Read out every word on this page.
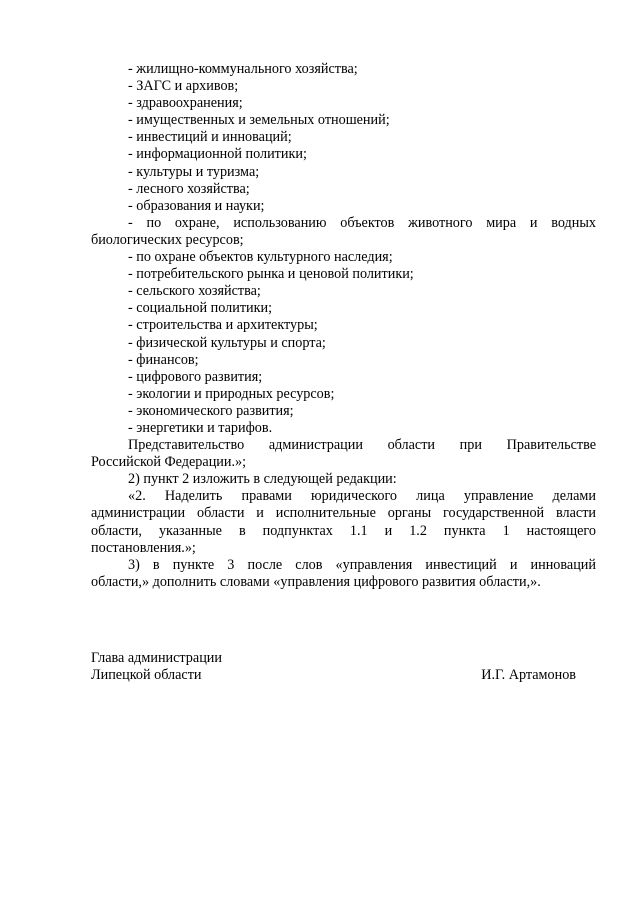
- жилищно-коммунального хозяйства;
- ЗАГС и архивов;
- здравоохранения;
- имущественных и земельных отношений;
- инвестиций и инноваций;
- информационной политики;
- культуры и туризма;
- лесного хозяйства;
- образования и науки;
- по охране, использованию объектов животного мира и водных
биологических ресурсов;
- по охране объектов культурного наследия;
- потребительского рынка и ценовой политики;
- сельского хозяйства;
- социальной политики;
- строительства и архитектуры;
- физической культуры и спорта;
- финансов;
- цифрового развития;
- экологии и природных ресурсов;
- экономического развития;
- энергетики и тарифов.
Представительство администрации области при Правительстве
Российской Федерации.»;
2) пункт 2 изложить в следующей редакции:
«2. Наделить правами юридического лица управление делами
администрации области и исполнительные органы государственной власти
области, указанные в подпунктах 1.1 и 1.2 пункта 1 настоящего
постановления.»;
3) в пункте 3 после слов «управления инвестиций и инноваций
области,» дополнить словами «управления цифрового развития области,».
Глава администрации
Липецкой области	И.Г. Артамонов
